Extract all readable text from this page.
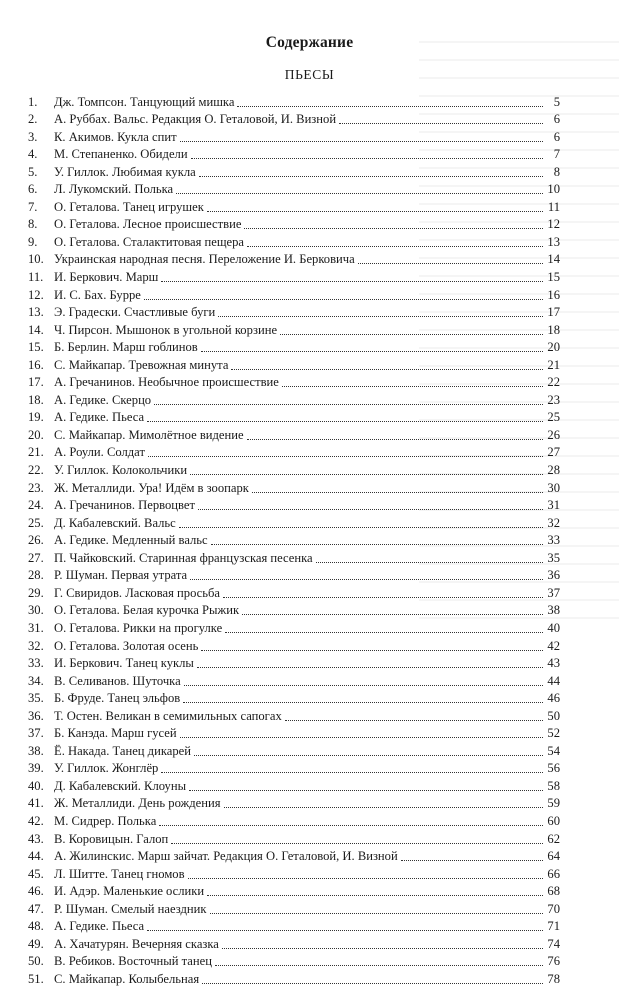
Содержание
ПЬЕСЫ
1.	Дж. Томпсон. Танцующий мишка	5
2.	А. Руббах. Вальс. Редакция О. Геталовой, И. Визной	6
3.	К. Акимов. Кукла спит	6
4.	М. Степаненко. Обидели	7
5.	У. Гиллок. Любимая кукла	8
6.	Л. Лукомский. Полька	10
7.	О. Геталова. Танец игрушек	11
8.	О. Геталова. Лесное происшествие	12
9.	О. Геталова. Сталактитовая пещера	13
10. Украинская народная песня. Переложение И. Берковича	14
11. И. Беркович. Марш	15
12. И. С. Бах. Бурре	16
13. Э. Градески. Счастливые буги	17
14. Ч. Пирсон. Мышонок в угольной корзине	18
15. Б. Берлин. Марш гоблинов	20
16. С. Майкапар. Тревожная минута	21
17. А. Гречанинов. Необычное происшествие	22
18. А. Гедике. Скерцо	23
19. А. Гедике. Пьеса	25
20. С. Майкапар. Мимолётное видение	26
21. А. Роули. Солдат	27
22. У. Гиллок. Колокольчики	28
23. Ж. Металлиди. Ура! Идём в зоопарк	30
24. А. Гречанинов. Первоцвет	31
25. Д. Кабалевский. Вальс	32
26. А. Гедике. Медленный вальс	33
27. П. Чайковский. Старинная французская песенка	35
28. Р. Шуман. Первая утрата	36
29. Г. Свиридов. Ласковая просьба	37
30. О. Геталова. Белая курочка Рыжик	38
31. О. Геталова. Рикки на прогулке	40
32. О. Геталова. Золотая осень	42
33. И. Беркович. Танец куклы	43
34. В. Селиванов. Шуточка	44
35. Б. Фруде. Танец эльфов	46
36. Т. Остен. Великан в семимильных сапогах	50
37. Б. Канэда. Марш гусей	52
38. Ё. Накада. Танец дикарей	54
39. У. Гиллок. Жонглёр	56
40. Д. Кабалевский. Клоуны	58
41. Ж. Металлиди. День рождения	59
42. М. Сидрер. Полька	60
43. В. Коровицын. Галоп	62
44. А. Жилинскис. Марш зайчат. Редакция О. Геталовой, И. Визной	64
45. Л. Шитте. Танец гномов	66
46. И. Адэр. Маленькие ослики	68
47. Р. Шуман. Смелый наездник	70
48. А. Гедике. Пьеса	71
49. А. Хачатурян. Вечерняя сказка	74
50. В. Ребиков. Восточный танец	76
51. С. Майкапар. Колыбельная	78
